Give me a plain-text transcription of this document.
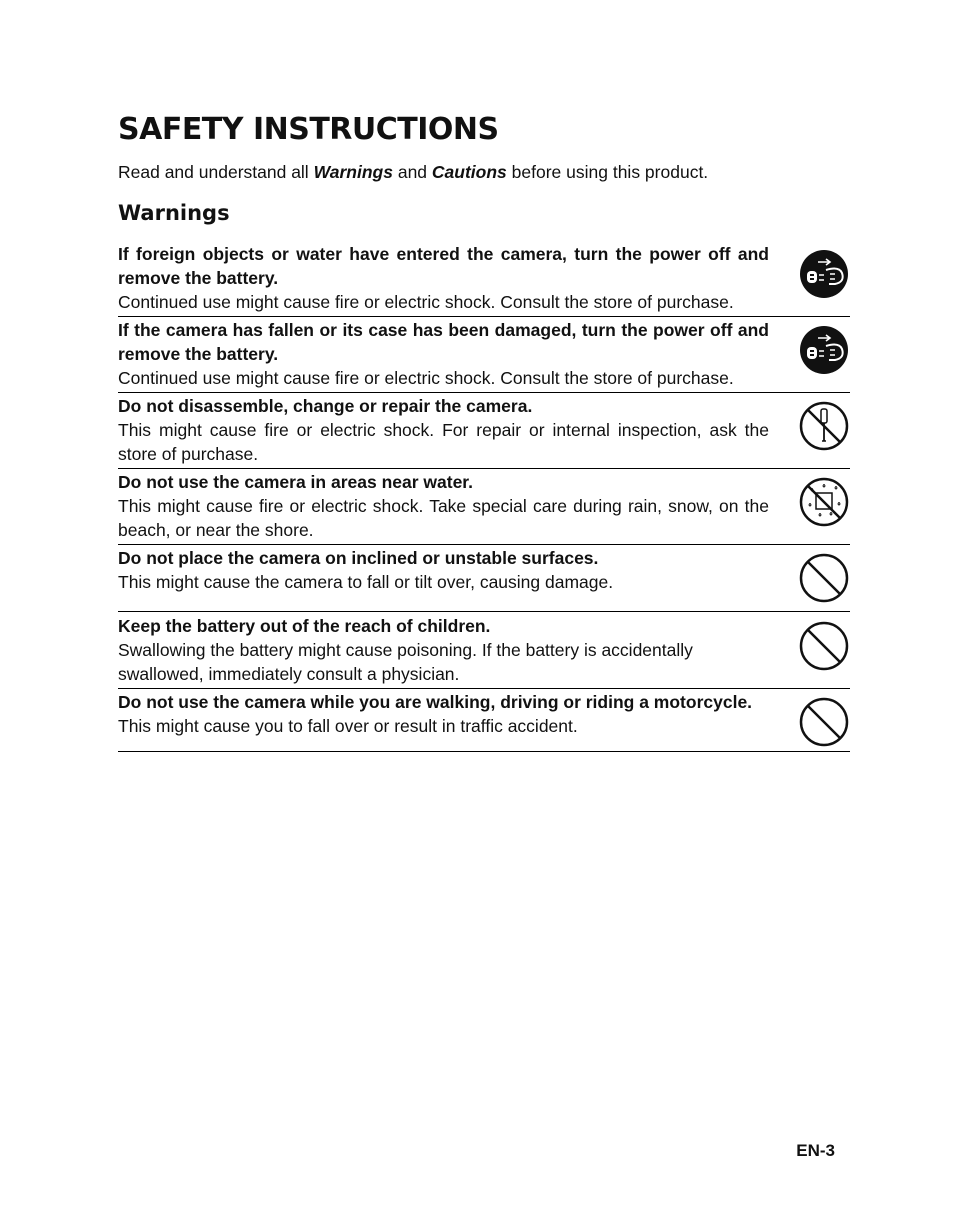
SAFETY INSTRUCTIONS

Read and understand all Warnings and Cautions before using this product.

Warnings
If foreign objects or water have entered the camera, turn the power off and remove the battery.
Continued use might cause fire or electric shock. Consult the store of purchase.
If the camera has fallen or its case has been damaged, turn the power off and remove the battery.
Continued use might cause fire or electric shock. Consult the store of purchase.
Do not disassemble, change or repair the camera.
This might cause fire or electric shock. For repair or internal inspection, ask the store of purchase.
Do not use the camera in areas near water.
This might cause fire or electric shock. Take special care during rain, snow, on the beach, or near the shore.
Do not place the camera on inclined or unstable surfaces.
This might cause the camera to fall or tilt over, causing damage.
Keep the battery out of the reach of children.
Swallowing the battery might cause poisoning. If the battery is accidentally swallowed, immediately consult a physician.
Do not use the camera while you are walking, driving or riding a motorcycle.
This might cause you to fall over or result in traffic accident.

EN-3
